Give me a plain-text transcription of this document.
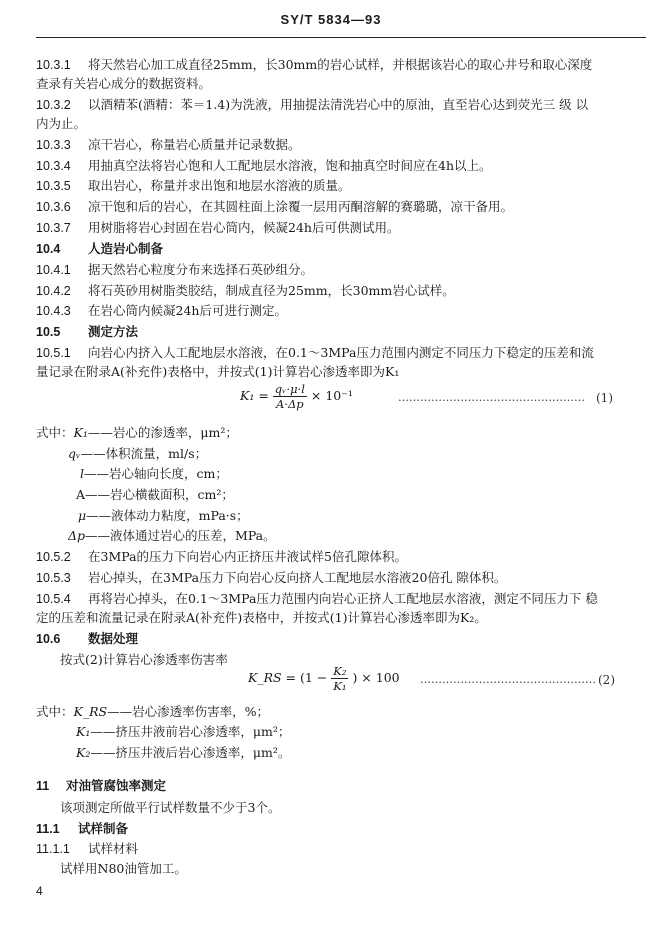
SY/T 5834—93
10.3.1 将天然岩心加工成直径25mm，长30mm的岩心试样，并根据该岩心的取心井号和取心深度
查录有关岩心成分的数据资料。
10.3.2 以酒精苯(酒精：苯＝1.4)为洗液，用抽提法清洗岩心中的原油，直至岩心达到荧光三 级 以
内为止。
10.3.3 凉干岩心，称量岩心质量并记录数据。
10.3.4 用抽真空法将岩心饱和人工配地层水溶液，饱和抽真空时间应在4h以上。
10.3.5 取出岩心，称量并求出饱和地层水溶液的质量。
10.3.6 凉干饱和后的岩心，在其圆柱面上涂覆一层用丙酮溶解的赛璐璐，凉干备用。
10.3.7 用树脂将岩心封固在岩心筒内，候凝24h后可供测试用。
10.4 人造岩心制备
10.4.1 据天然岩心粒度分布来选择石英砂组分。
10.4.2 将石英砂用树脂类胶结，制成直径为25mm，长30mm岩心试样。
10.4.3 在岩心筒内候凝24h后可进行测定。
10.5 测定方法
10.5.1 向岩心内挤入人工配地层水溶液，在0.1～3MPa压力范围内测定不同压力下稳定的压差和流
量记录在附录A(补充件)表格中，并按式(1)计算岩心渗透率即为K₁
$K_1 = \frac{\text{qᵥ·μ·l}}{A\cdot\Delta p} \times 10^{-1}$	…………………………………………… (1)
式中：K₁——岩心的渗透率，μm²；
qᵥ——体积流量，ml/s；
l——岩心轴向长度，cm；
A——岩心横截面积，cm²；
μ——液体动力粘度，mPa·s；
Δp——液体通过岩心的压差，MPa。
10.5.2 在3MPa的压力下向岩心内正挤压井液试样5倍孔隙体积。
10.5.3 岩心掉头，在3MPa压力下向岩心反向挤人工配地层水溶液20倍孔 隙体积。
10.5.4 再将岩心掉头，在0.1～3MPa压力范围内向岩心正挤人工配地层水溶液，测定不同压力下 稳
定的压差和流量记录在附录A(补充件)表格中，并按式(1)计算岩心渗透率即为K₂。
10.6 数据处理
按式(2)计算岩心渗透率伤害率
K_RS = ($1 - \frac{\text{K₂}}{\text{K₁}}$ ) × 100 ………………………………………… (2)
式中：K_RS——岩心渗透率伤害率，%；
K₁——挤压井液前岩心渗透率，μm²；
K₂——挤压井液后岩心渗透率，μm²。
11 对油管腐蚀率测定
该项测定所做平行试样数量不少于3个。
11.1 试样制备
11.1.1 试样材料
试样用N80油管加工。
4
